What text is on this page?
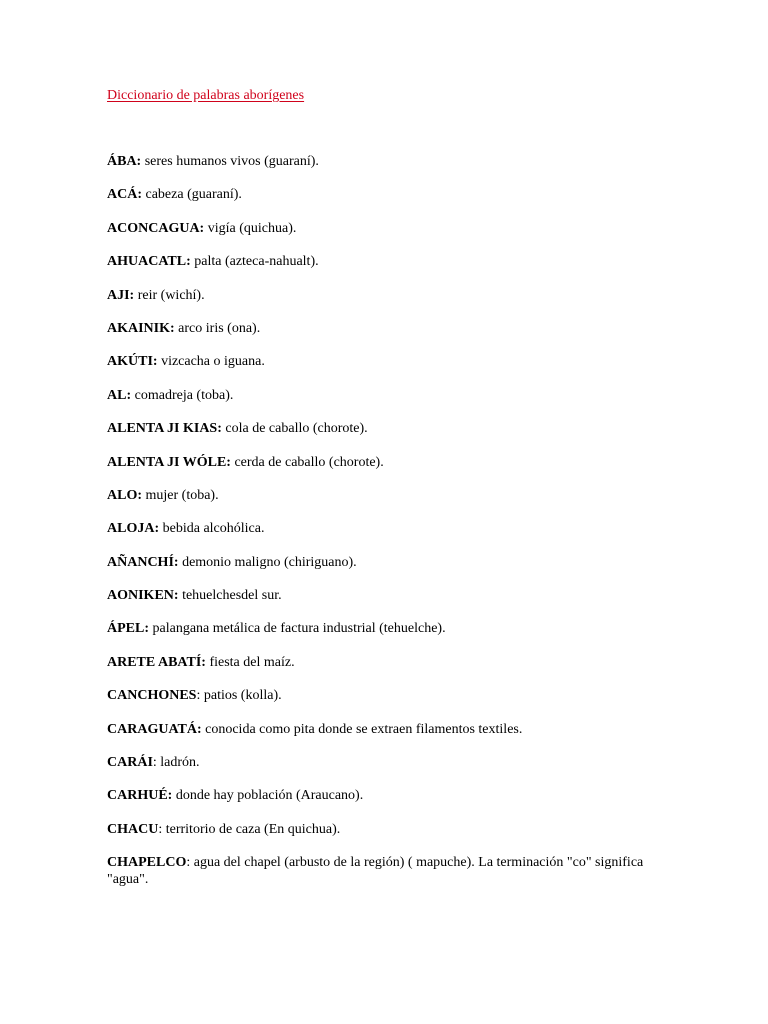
Diccionario de palabras aborígenes
ÁBA: seres humanos vivos (guaraní).
ACÁ: cabeza (guaraní).
ACONCAGUA: vigía (quichua).
AHUACATL: palta (azteca-nahualt).
AJI: reir (wichí).
AKAINIK: arco iris (ona).
AKÚTI: vizcacha o iguana.
AL: comadreja (toba).
ALENTA JI KIAS: cola de caballo (chorote).
ALENTA JI WÓLE: cerda de caballo (chorote).
ALO: mujer (toba).
ALOJA: bebida alcohólica.
AÑANCHÍ: demonio maligno (chiriguano).
AONIKEN: tehuelchesdel sur.
ÁPEL: palangana metálica de factura industrial (tehuelche).
ARETE ABATÍ: fiesta del maíz.
CANCHONES: patios (kolla).
CARAGUATÁ: conocida como pita donde se extraen filamentos textiles.
CARÁI: ladrón.
CARHUÉ: donde hay población (Araucano).
CHACU: territorio de caza (En quichua).
CHAPELCO: agua del chapel (arbusto de la región) ( mapuche). La terminación "co" significa "agua".
